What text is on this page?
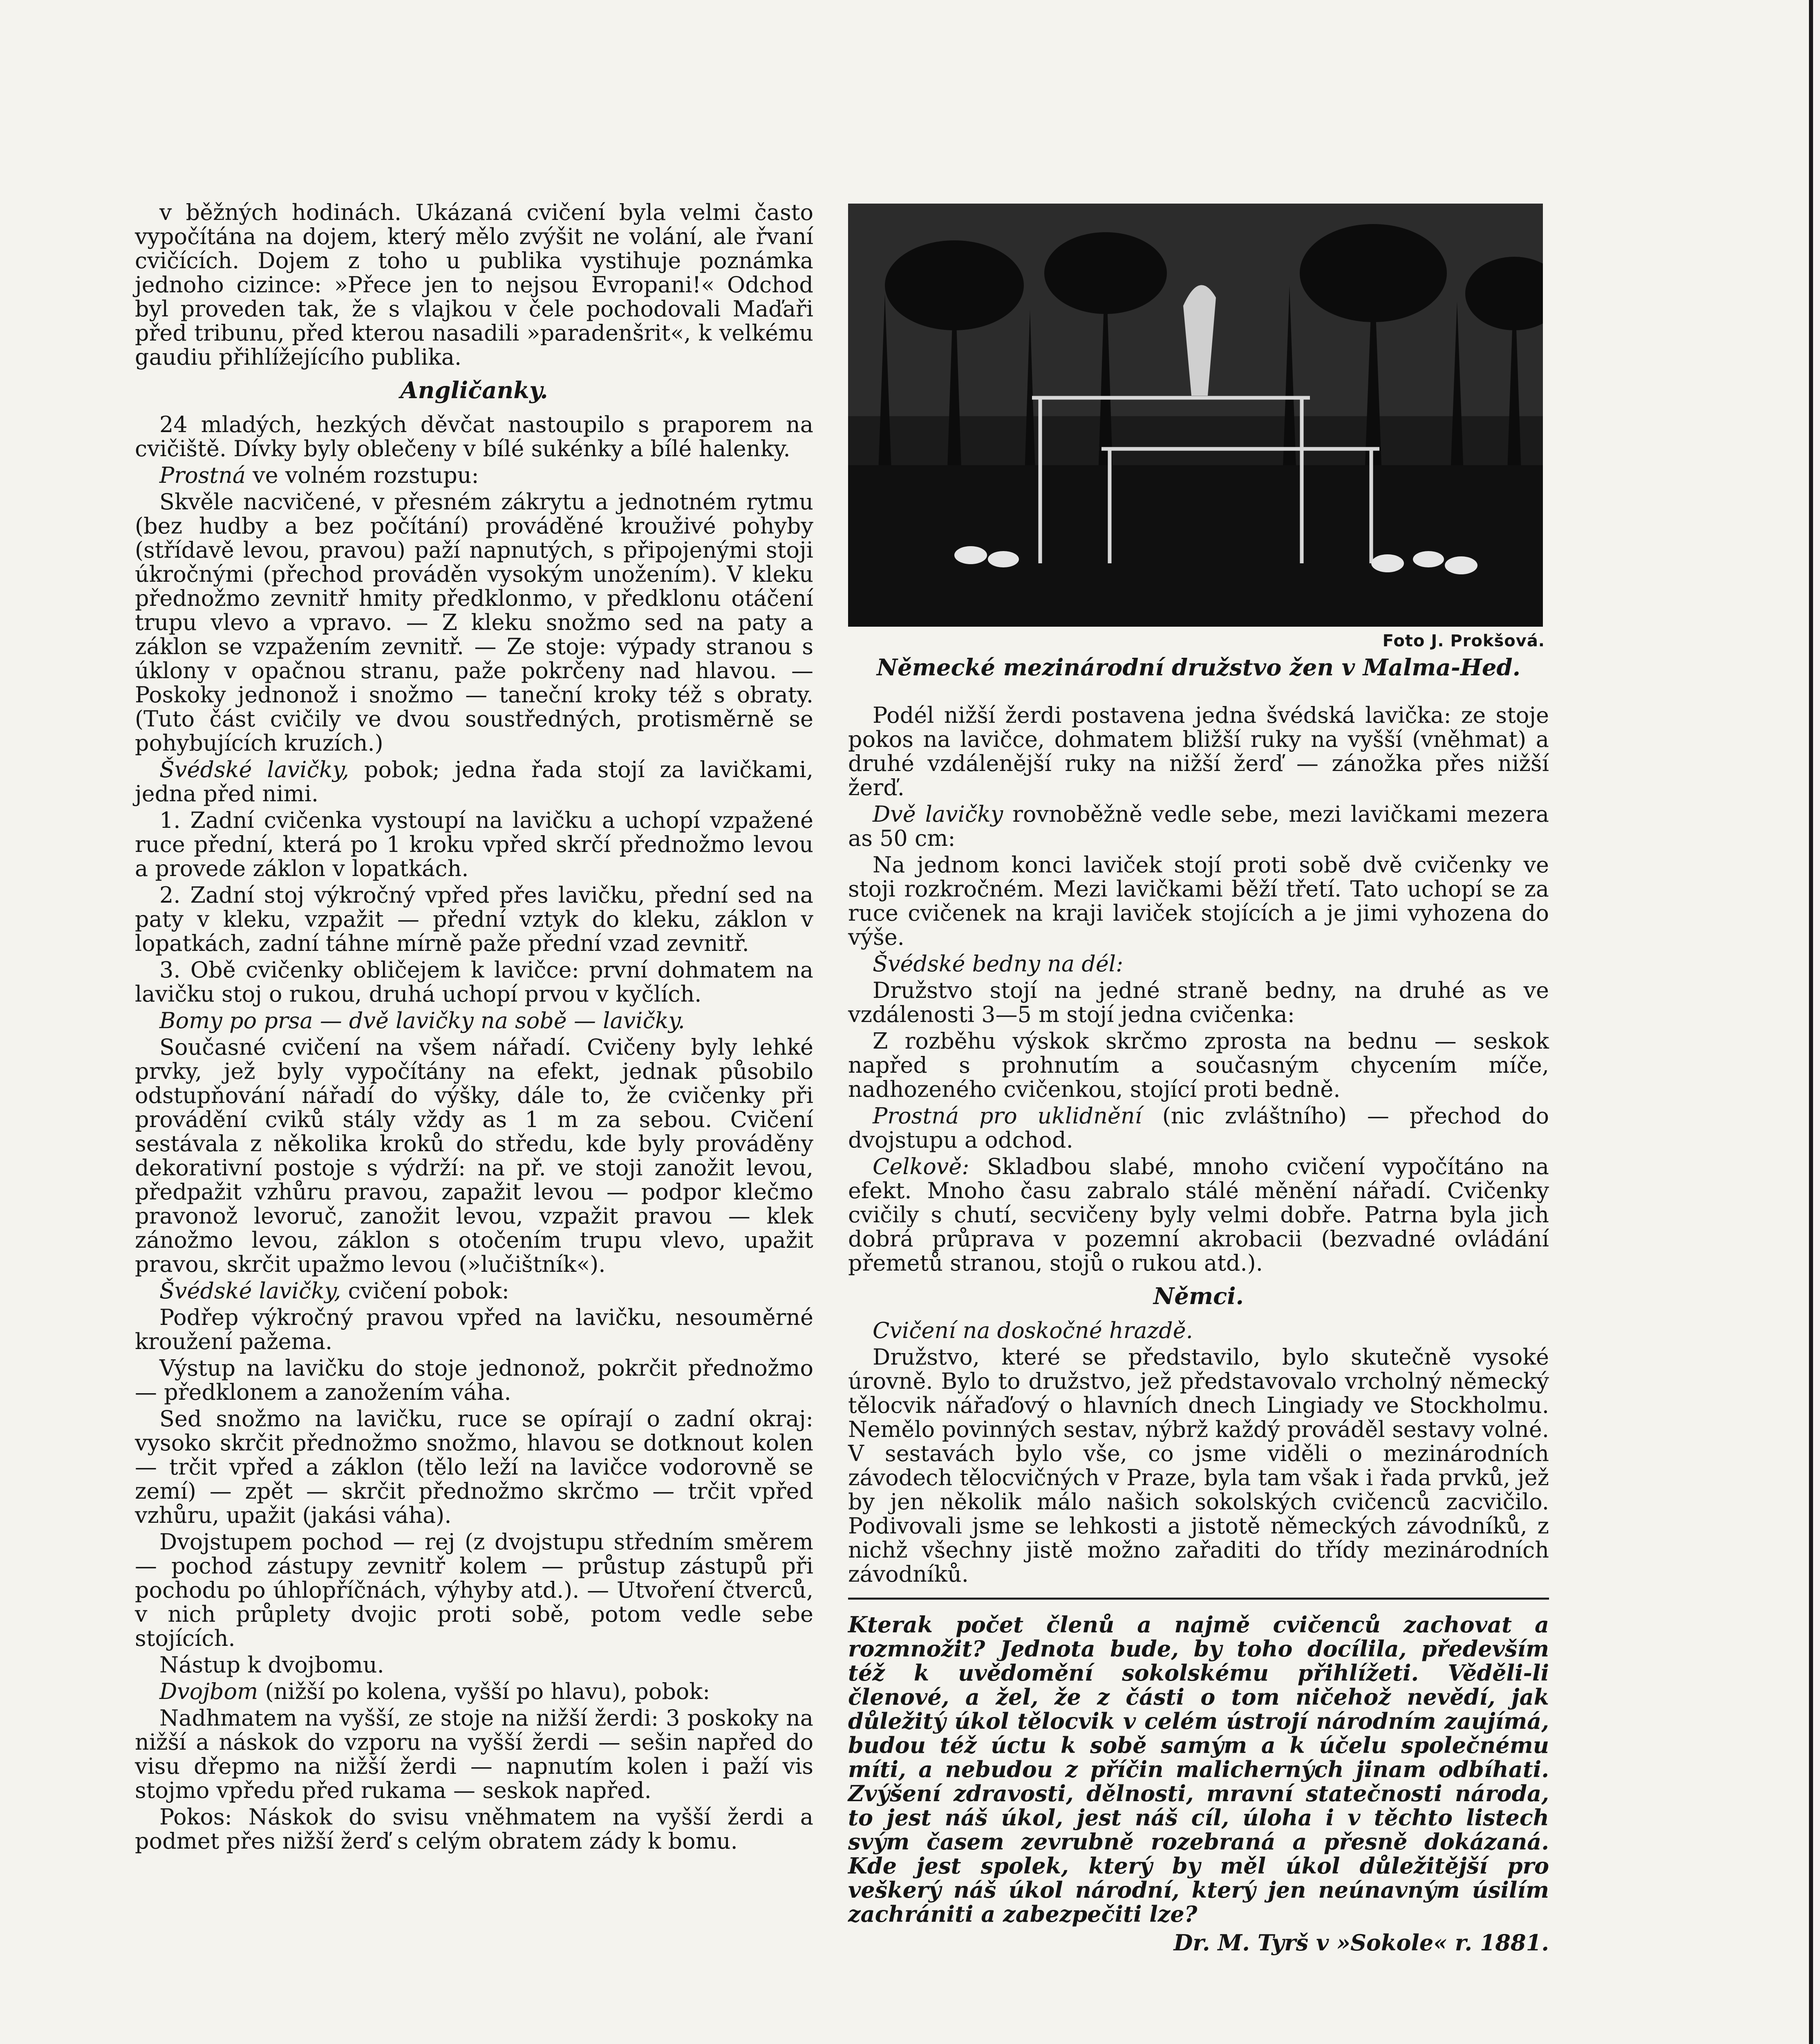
v běžných hodinách. Ukázaná cvičení byla velmi často vypočítána na dojem, který mělo zvýšit ne volání, ale řvaní cvičících. Dojem z toho u publika vystihuje poznámka jednoho cizince: »Přece jen to nejsou Evropani!« Odchod byl proveden tak, že s vlajkou v čele pochodovali Maďaři před tribunu, před kterou nasadili »paradenšrit«, k velkému gaudiu přihlížejícího publika.

Angličanky.

24 mladých, hezkých děvčat nastoupilo s praporem na cvičiště. Dívky byly oblečeny v bílé sukénky a bílé halenky.

Prostná ve volném rozstupu:

Skvěle nacvičené, v přesném zákrytu a jednotném rytmu (bez hudby a bez počítání) prováděné krouživé pohyby (střídavě levou, pravou) paží napnutých, s připojenými stoji úkročnými (přechod prováděn vysokým unožením). V kleku přednožmo zevnitř hmity předklonmo, v předklonu otáčení trupu vlevo a vpravo. — Z kleku snožmo sed na paty a záklon se vzpažením zevnitř. — Ze stoje: výpady stranou s úklony v opačnou stranu, paže pokrčeny nad hlavou. — Poskoky jednonož i snožmo — taneční kroky též s obraty. (Tuto část cvičily ve dvou soustředných, protisměrně se pohybujících kruzích.)

Švédské lavičky, pobok; jedna řada stojí za lavičkami, jedna před nimi.

1. Zadní cvičenka vystoupí na lavičku a uchopí vzpažené ruce přední, která po 1 kroku vpřed skrčí přednožmo levou a provede záklon v lopatkách.

2. Zadní stoj výkročný vpřed přes lavičku, přední sed na paty v kleku, vzpažit — přední vztyk do kleku, záklon v lopatkách, zadní táhne mírně paže přední vzad zevnitř.

3. Obě cvičenky obličejem k lavičce: první dohmatem na lavičku stoj o rukou, druhá uchopí prvou v kyčlích.

Bomy po prsa — dvě lavičky na sobě — lavičky.

Současné cvičení na všem nářadí. Cvičeny byly lehké prvky, jež byly vypočítány na efekt, jednak působilo odstupňování nářadí do výšky, dále to, že cvičenky při provádění cviků stály vždy as 1 m za sebou. Cvičení sestávala z několika kroků do středu, kde byly prováděny dekorativní postoje s výdrží: na př. ve stoji zanožit levou, předpažit vzhůru pravou, zapažit levou — podpor klečmo pravonož levoruč, zanožit levou, vzpažit pravou — klek zánožmo levou, záklon s otočením trupu vlevo, upažit pravou, skrčit upažmo levou (»lučištník«).

Švédské lavičky, cvičení pobok:

Podřep výkročný pravou vpřed na lavičku, nesouměrné kroužení pažema.

Výstup na lavičku do stoje jednonož, pokrčit přednožmo — předklonem a zanožením váha.

Sed snožmo na lavičku, ruce se opírají o zadní okraj: vysoko skrčit přednožmo snožmo, hlavou se dotknout kolen — trčit vpřed a záklon (tělo leží na lavičce vodorovně se zemí) — zpět — skrčit přednožmo skrčmo — trčit vpřed vzhůru, upažit (jakási váha).

Dvojstupem pochod — rej (z dvojstupu středním směrem — pochod zástupy zevnitř kolem — průstup zástupů při pochodu po úhlopříčnách, výhyby atd.). — Utvoření čtverců, v nich průplety dvojic proti sobě, potom vedle sebe stojících.

Nástup k dvojbomu.

Dvojbom (nižší po kolena, vyšší po hlavu), pobok:

Nadhmatem na vyšší, ze stoje na nižší žerdi: 3 poskoky na nižší a náskok do vzporu na vyšší žerdi — sešin napřed do visu dřepmo na nižší žerdi — napnutím kolen i paží vis stojmo vpředu před rukama — seskok napřed.

Pokos: Náskok do svisu vněhmatem na vyšší žerdi a podmet přes nižší žerď s celým obratem zády k bomu.

Foto J. Prokšová.
Německé mezinárodní družstvo žen v Malma-Hed.

Podél nižší žerdi postavena jedna švédská lavička: ze stoje pokos na lavičce, dohmatem bližší ruky na vyšší (vněhmat) a druhé vzdálenější ruky na nižší žerď — zánožka přes nižší žerď.

Dvě lavičky rovnoběžně vedle sebe, mezi lavičkami mezera as 50 cm:

Na jednom konci laviček stojí proti sobě dvě cvičenky ve stoji rozkročném. Mezi lavičkami běží třetí. Tato uchopí se za ruce cvičenek na kraji laviček stojících a je jimi vyhozena do výše.

Švédské bedny na dél:

Družstvo stojí na jedné straně bedny, na druhé as ve vzdálenosti 3—5 m stojí jedna cvičenka:

Z rozběhu výskok skrčmo zprosta na bednu — seskok napřed s prohnutím a současným chycením míče, nadhozeného cvičenkou, stojící proti bedně.

Prostná pro uklidnění (nic zvláštního) — přechod do dvojstupu a odchod.

Celkově: Skladbou slabé, mnoho cvičení vypočítáno na efekt. Mnoho času zabralo stálé měnění nářadí. Cvičenky cvičily s chutí, secvičeny byly velmi dobře. Patrna byla jich dobrá průprava v pozemní akrobacii (bezvadné ovládání přemetů stranou, stojů o rukou atd.).

Němci.

Cvičení na doskočné hrazdě.

Družstvo, které se představilo, bylo skutečně vysoké úrovně. Bylo to družstvo, jež představovalo vrcholný německý tělocvik nářaďový o hlavních dnech Lingiady ve Stockholmu. Nemělo povinných sestav, nýbrž každý prováděl sestavy volné. V sestavách bylo vše, co jsme viděli o mezinárodních závodech tělocvičných v Praze, byla tam však i řada prvků, jež by jen několik málo našich sokolských cvičenců zacvičilo. Podivovali jsme se lehkosti a jistotě německých závodníků, z nichž všechny jistě možno zařaditi do třídy mezinárodních závodníků.

Kterak počet členů a najmě cvičenců zachovat a rozmnožit? Jednota bude, by toho docílila, především též k uvědomění sokolskému přihlížeti. Věděli-li členové, a žel, že z části o tom ničehož nevědí, jak důležitý úkol tělocvik v celém ústrojí národním zaujímá, budou též úctu k sobě samým a k účelu společnému míti, a nebudou z příčin malicherných jinam odbíhati. Zvýšení zdravosti, dělnosti, mravní statečnosti národa, to jest náš úkol, jest náš cíl, úloha i v těchto listech svým časem zevrubně rozebraná a přesně dokázaná. Kde jest spolek, který by měl úkol důležitější pro veškerý náš úkol národní, který jen neúnavným úsilím zachrániti a zabezpečiti lze?
Dr. M. Tyrš v »Sokole« r. 1881.
